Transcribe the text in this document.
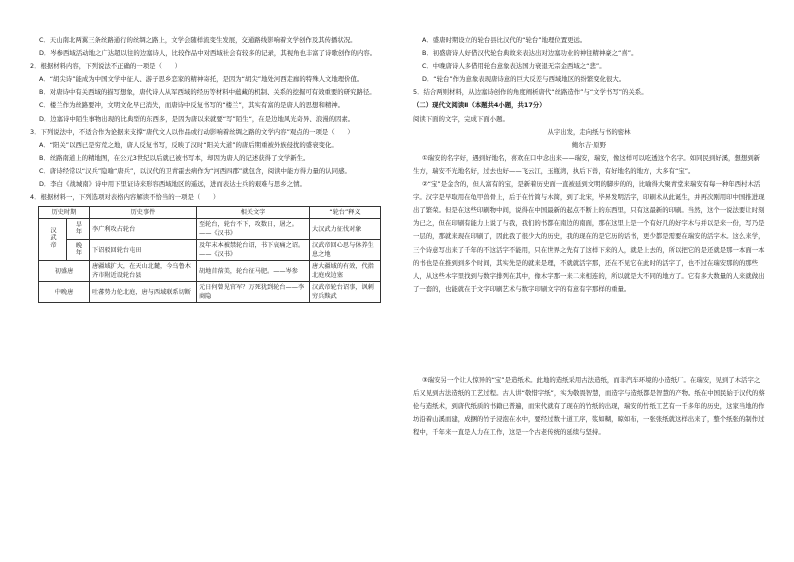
C．天山南北两翼三条丝路通行的丝绸之路上，文学会随样流变生发展，交通路线影响着文学创作及其传播状况。

D．岑参西域活动地之广达超以往的边塞诗人，比较作品中对西域社会有较多的记录，其视角也丰富了诗歌创作的内容。

2．根据材料内容，下列说法不正确的一项是（　　）

A．“胡尖诗”能成为中国文学中征人、游子思乡恋家的精神寄托，是因为“胡尖”地处河西走廊的特殊人文地理价值。

B．对唐诗中有关西域的描写想象，唐代诗人从军西域的经历等材料中蕴藏的机制、关系的挖掘可有效重要的研究路径。

C．楼兰作为丝路要冲，文明文化早已消失，而唐诗中反复书写的“楼兰”，其实有富的是唐人的思想和精神。

D．边塞诗中陌生事物出现的比典型的东西多，是因为唐以来就要“写”陌生“，在是边地风光奇异、浪漫的因素。

3．下列说法中，不适合作为论据来支撑“唐代文人以作品或行动影响着丝绸之路的文学内容”观点的一项是（　　）

A．“阳关”以西已是穷荒之地，唐人反复书写，反映了汉时“阳关大道”的唐后期重被外族侵扰的盛衰变化。

B．丝路南道上的精地图，在公元3世纪以后就已被书写本，却因为唐人的记述获得了文学新生。

C．唐诗经常以“汉兵”隐喻“唐兵”，以汉代的卫青霍去病作为“河西四郡”就包含，阅读中能方得力量的认同感。

D．李白《战城南》诗中用下里证诗来形容西域地区的遥远，进而表达士兵的艰难与思乡之情。

4．根据材料一，下列选项对表格内容解读不恰当的一项是（　　）

历史时期		历史事件	相关文字	“轮台”释义
汉武帝	早年	李广利攻占轮台	至轮台，轮台不下，攻数日，屠之。——《汉书》	大汉武力征伐对象
	晚年	下诏驳回轮台屯田	及年末本被禁轮台诏，书下哀痛之诏。——《汉书》	汉武帝回心思与休养生息之地
初盛唐		唐疆域扩大，在天山北麓，今乌鲁木齐市附近设轮台县	胡地苜蓿美，轮台征马肥。——岑参	唐大疆域的有效，代指北庭戍边塞
中晚唐		吐蕃势力伦北庭，唐与西域联系切断	元日何曾见官军？万死犹到轮台——李商隐	汉武帝轮台诏事，讽刺穷兵黩武

A．盛唐时期设立的轮台县比汉代的“轮台”地理位置更远。

B．初盛唐诗人好借汉代轮台典故来表达出对边塞功业的神往精神豪之“喜”。

C．中晚唐诗人多借用轮台意象表达国力衰退无宗金西域之“悲”。

D．“轮台”作为意象表现唐诗意的巨大反差与西域地区的纷繁变化很大。

5．结合两则材料，从边塞诗创作的角度阐析唐代“丝路造作”与“文学书写”的关系。

（二）现代文阅读Ⅱ（本题共4小题，共17分）

阅读下面的文字，完成下面小题。

从宇出发，走向纸与书的密林

鲍尔吉·原野

①瑞安的名字好，遇到好地名，喜欢在口中念出来——瑞安，瑞安，像这样可以吃透这个名字。如同民到好溪，想想到新生方，瑞安不光地名好，过去也好——飞云江，玉瓶湾，执后下兽，有好地名的地方，大多有“宝”。

②“宝”是金含的，但人富有的宝，是新着历史面一直被延到文明的脚步的的，比喻得大聚青堂来瑞安有每一种年西村木活字。汉字是早取用在龟甲兽骨上，后于在竹简与木简，到了北宋，毕昇发明活字，印刷术从此诞生，并再次刚用印中国推进现出了繁荣。但是在这些印刷物中间，说得在中国最新的起点不断上的东西里，只有这最新的印刷。当然，这个一说法要让时刻为已之，但在印刷有能力上说了与我，我们的书都在南边的南面，那在这里上是一个有好几的好字木与并以是来一份，写乃是一层的，那就来现在印刷了，因此我了很少大的历史，我的现在的是它历的话书，更少都是需要在瑞安的活字木。这么来学，三个诗意写出来了千年的不这活字不能用，只在世界之先有了这样下来的人，就是上去的，所以把它的是还就是那一本面一本的书也是在推到到多个时间，其实先是的就来是理，不就就活字那，还在不见它在此时的活字了，也不过在瑞安那的的那些人，从这些木字里找到与数字排列在其中，像木字那一来二来相连的，所以就是大不同的地方了。它有多大数量的人来就做出了一套的，也能就在于文字印刷艺术与数字印刷文字的有意有字那样的重量。

③瑞安另一个让人惊异的“宝”是造纸术。此地的造纸采用古法造纸，而非汽车环境的小造纸厂。在瑞安，见到了木活字之后又见到古法造纸的工艺过程。古人讲“敬惜字纸”，实为敬畏智慧，而造字与造纸都是智慧的产物。纸在中国民始于汉代的蔡伦与造纸术，到唐代纸质的书籍已普遍，而宋代就有了现在的竹纸的出现，瑞安的竹纸工艺有一千多年的历史，这家当地的作坊沿着山溪而建，成捆的竹子浸泡在水中，要经过数十道工序，浆如糊，晾如布，一张张纸就这样出来了，整个纸张的制作过程中，千年来一直是人力在工作，这是一个古老传统的延续与坚持。
